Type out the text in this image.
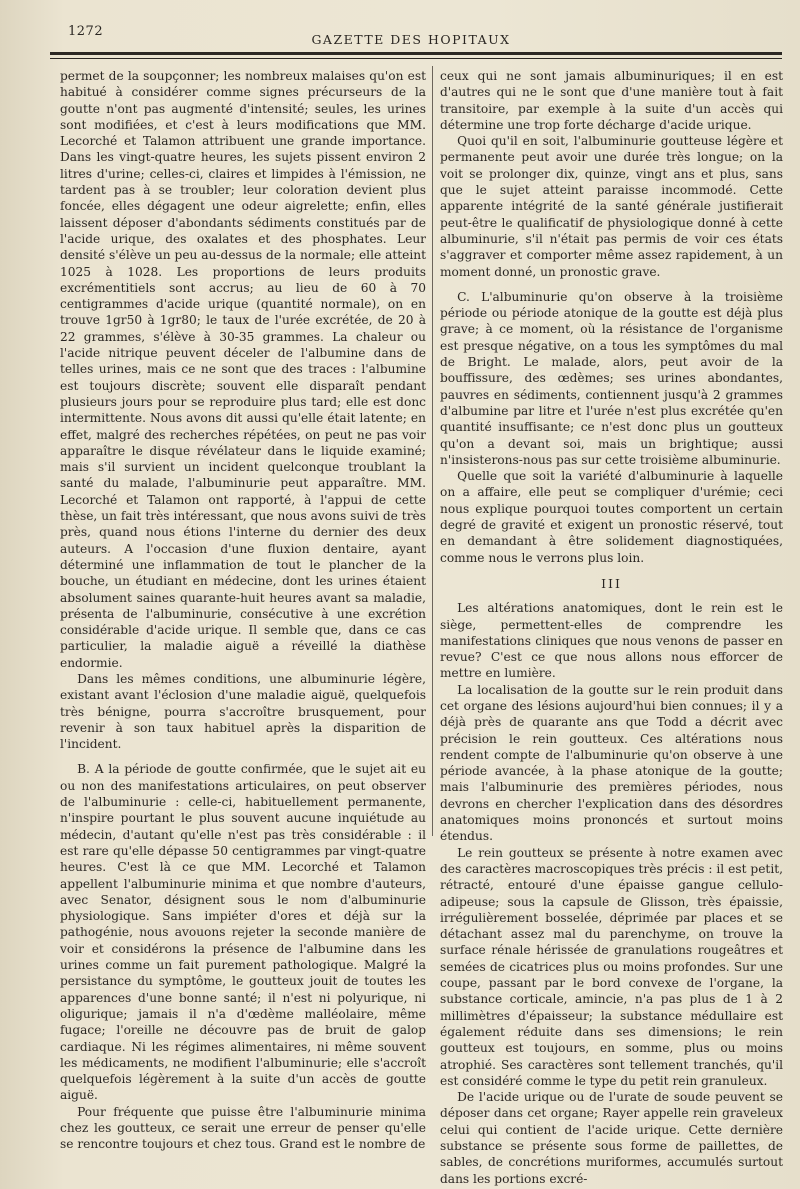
1272
GAZETTE DES HOPITAUX

permet de la soupçonner; les nombreux malaises qu'on est habitué à considérer comme signes précurseurs de la goutte n'ont pas augmenté d'intensité; seules, les urines sont modifiées, et c'est à leurs modifications que MM. Lecorché et Talamon attribuent une grande importance. Dans les vingt-quatre heures, les sujets pissent environ 2 litres d'urine; celles-ci, claires et limpides à l'émission, ne tardent pas à se troubler; leur coloration devient plus foncée, elles dégagent une odeur aigrelette; enfin, elles laissent déposer d'abondants sédiments constitués par de l'acide urique, des oxalates et des phosphates. Leur densité s'élève un peu au-dessus de la normale; elle atteint 1025 à 1028. Les proportions de leurs produits excrémentitiels sont accrus; au lieu de 60 à 70 centigrammes d'acide urique (quantité normale), on en trouve 1gr50 à 1gr80; le taux de l'urée excrétée, de 20 à 22 grammes, s'élève à 30-35 grammes. La chaleur ou l'acide nitrique peuvent déceler de l'albumine dans de telles urines, mais ce ne sont que des traces : l'albumine est toujours discrète; souvent elle disparaît pendant plusieurs jours pour se reproduire plus tard; elle est donc intermittente. Nous avons dit aussi qu'elle était latente; en effet, malgré des recherches répétées, on peut ne pas voir apparaître le disque révélateur dans le liquide examiné; mais s'il survient un incident quelconque troublant la santé du malade, l'albuminurie peut apparaître. MM. Lecorché et Talamon ont rapporté, à l'appui de cette thèse, un fait très intéressant, que nous avons suivi de très près, quand nous étions l'interne du dernier des deux auteurs. A l'occasion d'une fluxion dentaire, ayant déterminé une inflammation de tout le plancher de la bouche, un étudiant en médecine, dont les urines étaient absolument saines quarante-huit heures avant sa maladie, présenta de l'albuminurie, consécutive à une excrétion considérable d'acide urique. Il semble que, dans ce cas particulier, la maladie aiguë a réveillé la diathèse endormie.

Dans les mêmes conditions, une albuminurie légère, existant avant l'éclosion d'une maladie aiguë, quelquefois très bénigne, pourra s'accroître brusquement, pour revenir à son taux habituel après la disparition de l'incident.

B. A la période de goutte confirmée, que le sujet ait eu ou non des manifestations articulaires, on peut observer de l'albuminurie : celle-ci, habituellement permanente, n'inspire pourtant le plus souvent aucune inquiétude au médecin, d'autant qu'elle n'est pas très considérable : il est rare qu'elle dépasse 50 centigrammes par vingt-quatre heures. C'est là ce que MM. Lecorché et Talamon appellent l'albuminurie minima et que nombre d'auteurs, avec Senator, désignent sous le nom d'albuminurie physiologique. Sans impiéter d'ores et déjà sur la pathogénie, nous avouons rejeter la seconde manière de voir et considérons la présence de l'albumine dans les urines comme un fait purement pathologique. Malgré la persistance du symptôme, le goutteux jouit de toutes les apparences d'une bonne santé; il n'est ni polyurique, ni oligurique; jamais il n'a d'œdème malléolaire, même fugace; l'oreille ne découvre pas de bruit de galop cardiaque. Ni les régimes alimentaires, ni même souvent les médicaments, ne modifient l'albuminurie; elle s'accroît quelquefois légèrement à la suite d'un accès de goutte aiguë.

Pour fréquente que puisse être l'albuminurie minima chez les goutteux, ce serait une erreur de penser qu'elle se rencontre toujours et chez tous. Grand est le nombre de

ceux qui ne sont jamais albuminuriques; il en est d'autres qui ne le sont que d'une manière tout à fait transitoire, par exemple à la suite d'un accès qui détermine une trop forte décharge d'acide urique.

Quoi qu'il en soit, l'albuminurie goutteuse légère et permanente peut avoir une durée très longue; on la voit se prolonger dix, quinze, vingt ans et plus, sans que le sujet atteint paraisse incommodé. Cette apparente intégrité de la santé générale justifierait peut-être le qualificatif de physiologique donné à cette albuminurie, s'il n'était pas permis de voir ces états s'aggraver et comporter même assez rapidement, à un moment donné, un pronostic grave.

C. L'albuminurie qu'on observe à la troisième période ou période atonique de la goutte est déjà plus grave; à ce moment, où la résistance de l'organisme est presque négative, on a tous les symptômes du mal de Bright. Le malade, alors, peut avoir de la bouffissure, des œdèmes; ses urines abondantes, pauvres en sédiments, contiennent jusqu'à 2 grammes d'albumine par litre et l'urée n'est plus excrétée qu'en quantité insuffisante; ce n'est donc plus un goutteux qu'on a devant soi, mais un brightique; aussi n'insisterons-nous pas sur cette troisième albuminurie.

Quelle que soit la variété d'albuminurie à laquelle on a affaire, elle peut se compliquer d'urémie; ceci nous explique pourquoi toutes comportent un certain degré de gravité et exigent un pronostic réservé, tout en demandant à être solidement diagnostiquées, comme nous le verrons plus loin.

III

Les altérations anatomiques, dont le rein est le siège, permettent-elles de comprendre les manifestations cliniques que nous venons de passer en revue? C'est ce que nous allons nous efforcer de mettre en lumière.

La localisation de la goutte sur le rein produit dans cet organe des lésions aujourd'hui bien connues; il y a déjà près de quarante ans que Todd a décrit avec précision le rein goutteux. Ces altérations nous rendent compte de l'albuminurie qu'on observe à une période avancée, à la phase atonique de la goutte; mais l'albuminurie des premières périodes, nous devrons en chercher l'explication dans des désordres anatomiques moins prononcés et surtout moins étendus.

Le rein goutteux se présente à notre examen avec des caractères macroscopiques très précis : il est petit, rétracté, entouré d'une épaisse gangue cellulo-adipeuse; sous la capsule de Glisson, très épaissie, irrégulièrement bosselée, déprimée par places et se détachant assez mal du parenchyme, on trouve la surface rénale hérissée de granulations rougeâtres et semées de cicatrices plus ou moins profondes. Sur une coupe, passant par le bord convexe de l'organe, la substance corticale, amincie, n'a pas plus de 1 à 2 millimètres d'épaisseur; la substance médullaire est également réduite dans ses dimensions; le rein goutteux est toujours, en somme, plus ou moins atrophié. Ses caractères sont tellement tranchés, qu'il est considéré comme le type du petit rein granuleux.

De l'acide urique ou de l'urate de soude peuvent se déposer dans cet organe; Rayer appelle rein graveleux celui qui contient de l'acide urique. Cette dernière substance se présente sous forme de paillettes, de sables, de concrétions muriformes, accumulés surtout dans les portions excré-
